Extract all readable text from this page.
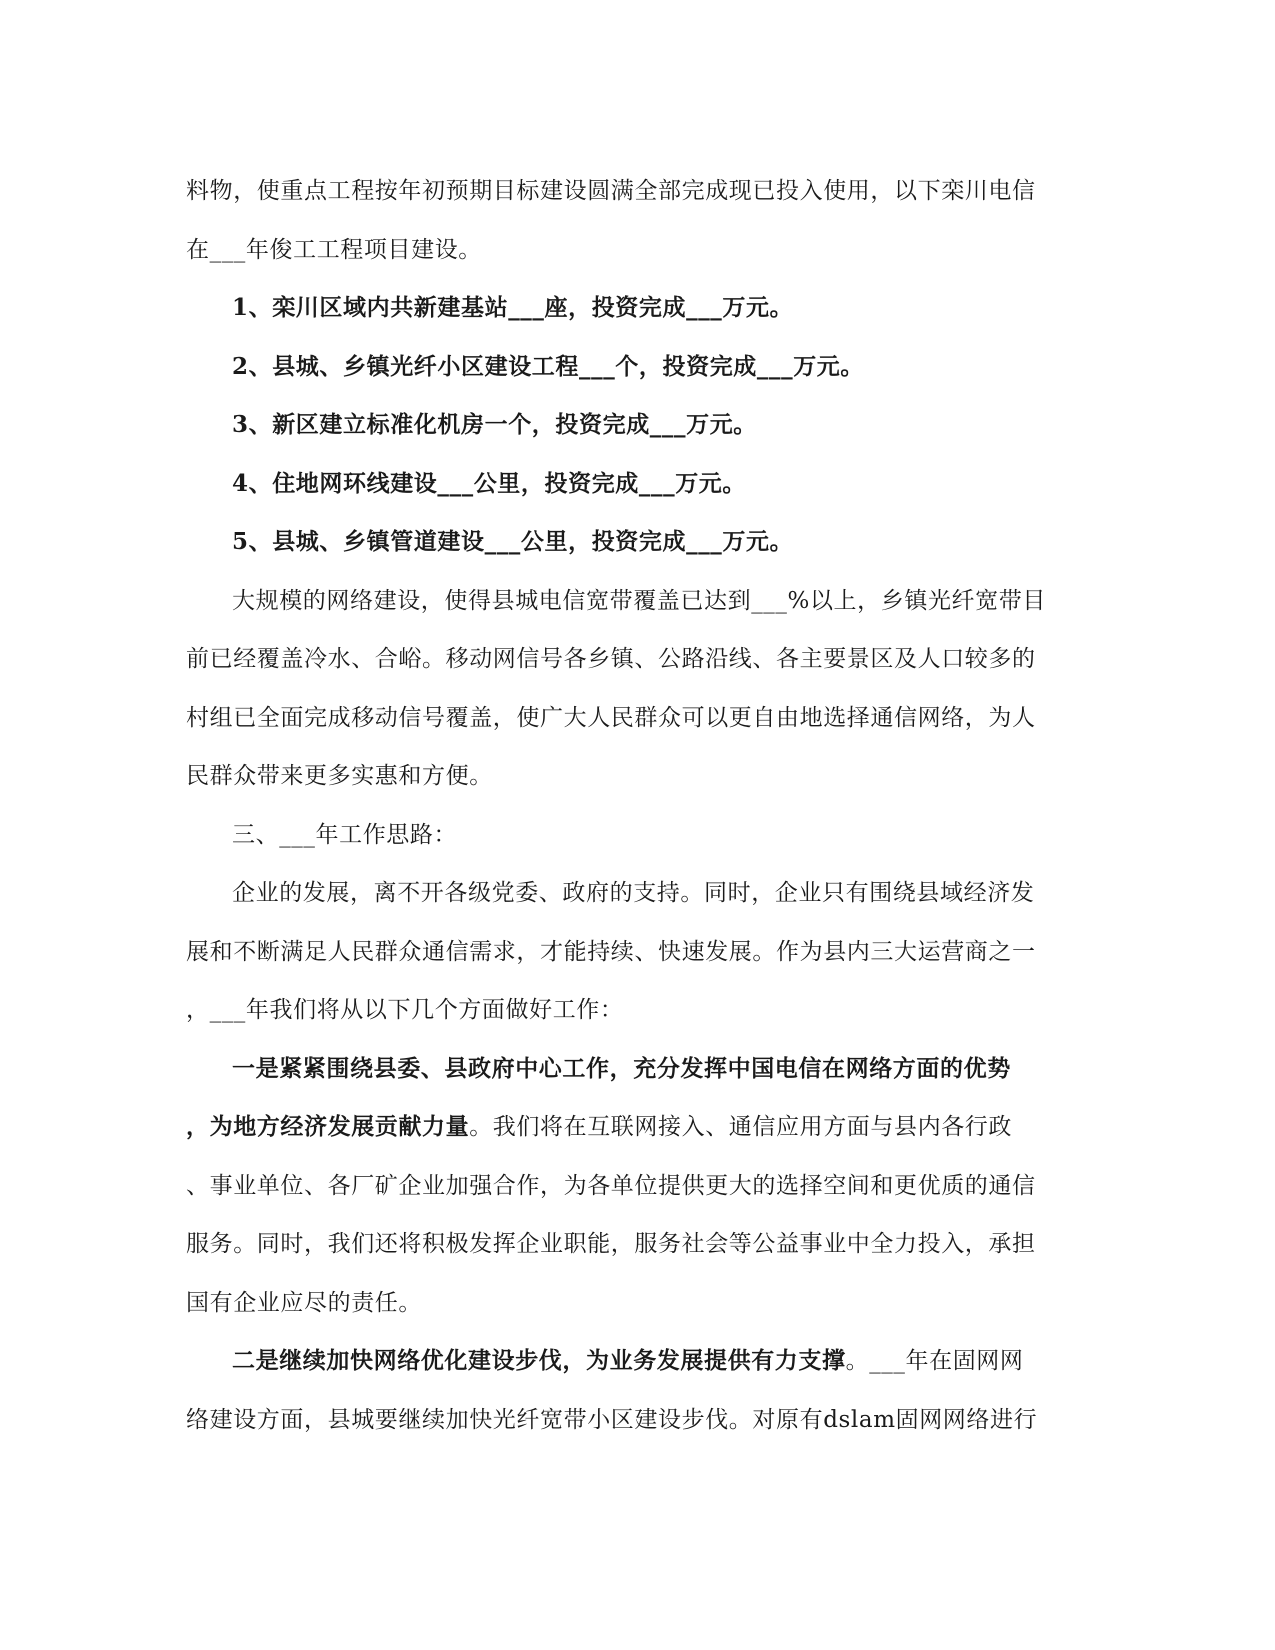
料物，使重点工程按年初预期目标建设圆满全部完成现已投入使用，以下栾川电信
在___年俊工工程项目建设。
1、栾川区域内共新建基站___座，投资完成___万元。
2、县城、乡镇光纤小区建设工程___个，投资完成___万元。
3、新区建立标准化机房一个，投资完成___万元。
4、住地网环线建设___公里，投资完成___万元。
5、县城、乡镇管道建设___公里，投资完成___万元。
大规模的网络建设，使得县城电信宽带覆盖已达到___%以上，乡镇光纤宽带目
前已经覆盖冷水、合峪。移动网信号各乡镇、公路沿线、各主要景区及人口较多的
村组已全面完成移动信号覆盖，使广大人民群众可以更自由地选择通信网络，为人
民群众带来更多实惠和方便。
三、___年工作思路：
企业的发展，离不开各级党委、政府的支持。同时，企业只有围绕县域经济发
展和不断满足人民群众通信需求，才能持续、快速发展。作为县内三大运营商之一
，___年我们将从以下几个方面做好工作：
一是紧紧围绕县委、县政府中心工作，充分发挥中国电信在网络方面的优势
，为地方经济发展贡献力量。我们将在互联网接入、通信应用方面与县内各行政
、事业单位、各厂矿企业加强合作，为各单位提供更大的选择空间和更优质的通信
服务。同时，我们还将积极发挥企业职能，服务社会等公益事业中全力投入，承担
国有企业应尽的责任。
二是继续加快网络优化建设步伐，为业务发展提供有力支撑。___年在固网网
络建设方面，县城要继续加快光纤宽带小区建设步伐。对原有dslam固网网络进行
